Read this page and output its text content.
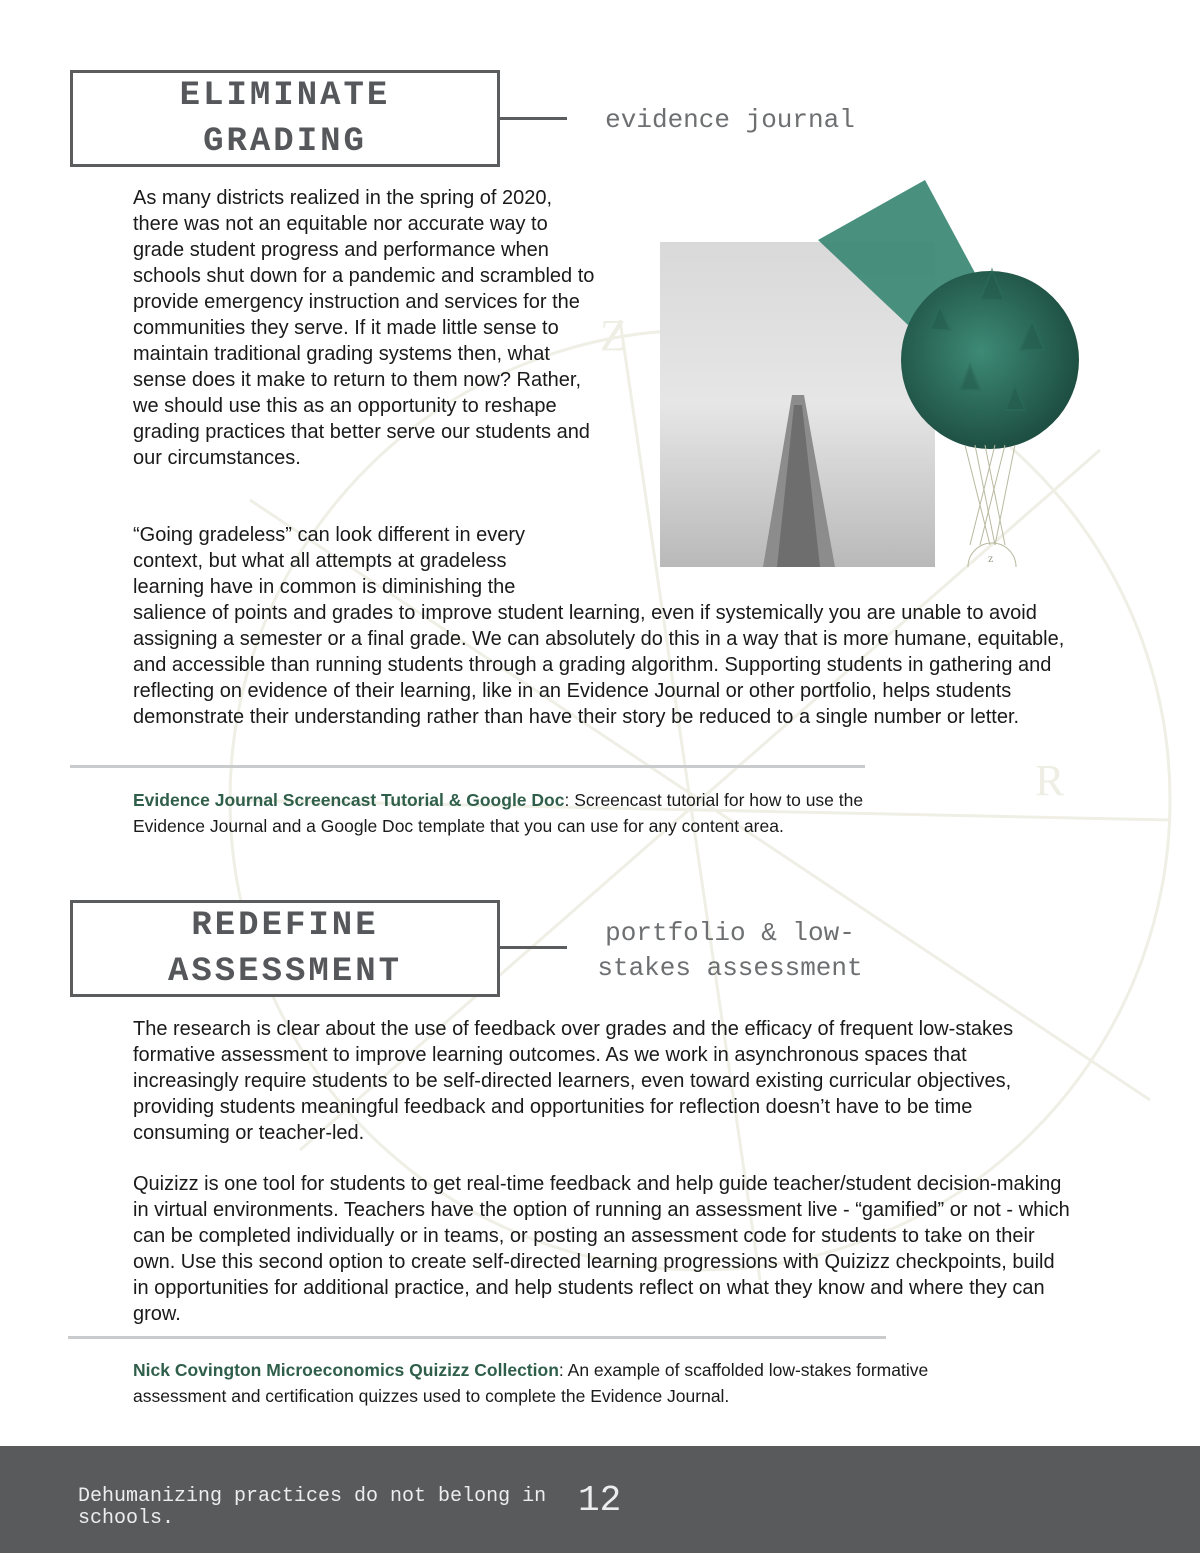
R
Z
ELIMINATE
GRADING
evidence journal

As many districts realized in the spring of 2020, there was not an equitable nor accurate way to grade student progress and performance when schools shut down for a pandemic and scrambled to provide emergency instruction and services for the communities they serve. If it made little sense to maintain traditional grading systems then, what sense does it make to return to them now? Rather, we should use this as an opportunity to reshape grading practices that better serve our students and our circumstances.

“Going gradeless” can look different in every context, but what all attempts at gradeless learning have in common is diminishing the

salience of points and grades to improve student learning, even if systemically you are unable to avoid assigning a semester or a final grade. We can absolutely do this in a way that is more humane, equitable, and accessible than running students through a grading algorithm. Supporting students in gathering and reflecting on evidence of their learning, like in an Evidence Journal or other portfolio, helps students demonstrate their understanding rather than have their story be reduced to a single number or letter.

z

Evidence Journal Screencast Tutorial & Google Doc: Screencast tutorial for how to use the Evidence Journal and a Google Doc template that you can use for any content area.

REDEFINE
ASSESSMENT
portfolio & low-
stakes assessment

The research is clear about the use of feedback over grades and the efficacy of frequent low-stakes formative assessment to improve learning outcomes. As we work in asynchronous spaces that increasingly require students to be self-directed learners, even toward existing curricular objectives, providing students meaningful feedback and opportunities for reflection doesn’t have to be time consuming or teacher-led.

Quizizz is one tool for students to get real-time feedback and help guide teacher/student decision-making in virtual environments. Teachers have the option of running an assessment live - “gamified” or not - which can be completed individually or in teams, or posting an assessment code for students to take on their own. Use this second option to create self-directed learning progressions with Quizizz checkpoints, build in opportunities for additional practice, and help students reflect on what they know and where they can grow.

Nick Covington Microeconomics Quizizz Collection: An example of scaffolded low-stakes formative assessment and certification quizzes used to complete the Evidence Journal.

Dehumanizing practices do not belong in schools.	12
